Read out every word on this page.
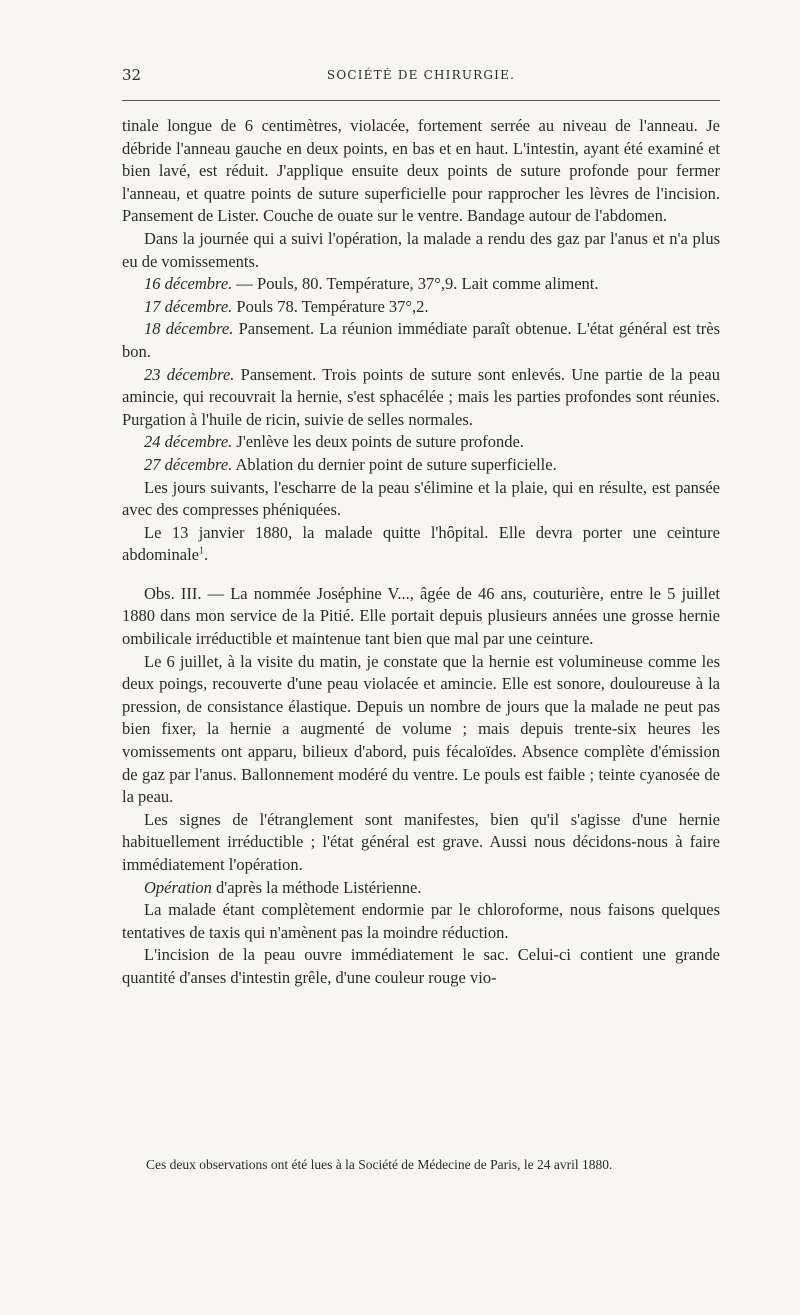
32	SOCIÉTÉ DE CHIRURGIE.

tinale longue de 6 centimètres, violacée, fortement serrée au niveau de l'anneau. Je débride l'anneau gauche en deux points, en bas et en haut. L'intestin, ayant été examiné et bien lavé, est réduit. J'applique ensuite deux points de suture profonde pour fermer l'anneau, et quatre points de suture superficielle pour rapprocher les lèvres de l'incision. Pansement de Lister. Couche de ouate sur le ventre. Bandage autour de l'abdomen.

Dans la journée qui a suivi l'opération, la malade a rendu des gaz par l'anus et n'a plus eu de vomissements.

16 décembre. — Pouls, 80. Température, 37°,9. Lait comme aliment.

17 décembre. Pouls 78. Température 37°,2.

18 décembre. Pansement. La réunion immédiate paraît obtenue. L'état général est très bon.

23 décembre. Pansement. Trois points de suture sont enlevés. Une partie de la peau amincie, qui recouvrait la hernie, s'est sphacélée ; mais les parties profondes sont réunies. Purgation à l'huile de ricin, suivie de selles normales.

24 décembre. J'enlève les deux points de suture profonde.

27 décembre. Ablation du dernier point de suture superficielle.

Les jours suivants, l'escharre de la peau s'élimine et la plaie, qui en résulte, est pansée avec des compresses phéniquées.

Le 13 janvier 1880, la malade quitte l'hôpital. Elle devra porter une ceinture abdominale$^1$.

Obs. III. — La nommée Joséphine V..., âgée de 46 ans, couturière, entre le 5 juillet 1880 dans mon service de la Pitié. Elle portait depuis plusieurs années une grosse hernie ombilicale irréductible et maintenue tant bien que mal par une ceinture.

Le 6 juillet, à la visite du matin, je constate que la hernie est volumineuse comme les deux poings, recouverte d'une peau violacée et amincie. Elle est sonore, douloureuse à la pression, de consistance élastique. Depuis un nombre de jours que la malade ne peut pas bien fixer, la hernie a augmenté de volume ; mais depuis trente-six heures les vomissements ont apparu, bilieux d'abord, puis fécaloïdes. Absence complète d'émission de gaz par l'anus. Ballonnement modéré du ventre. Le pouls est faible ; teinte cyanosée de la peau.

Les signes de l'étranglement sont manifestes, bien qu'il s'agisse d'une hernie habituellement irréductible ; l'état général est grave. Aussi nous décidons-nous à faire immédiatement l'opération.

Opération d'après la méthode Listérienne.

La malade étant complètement endormie par le chloroforme, nous faisons quelques tentatives de taxis qui n'amènent pas la moindre réduction.

L'incision de la peau ouvre immédiatement le sac. Celui-ci contient une grande quantité d'anses d'intestin grêle, d'une couleur rouge vio-

Ces deux observations ont été lues à la Société de Médecine de Paris, le 24 avril 1880.
